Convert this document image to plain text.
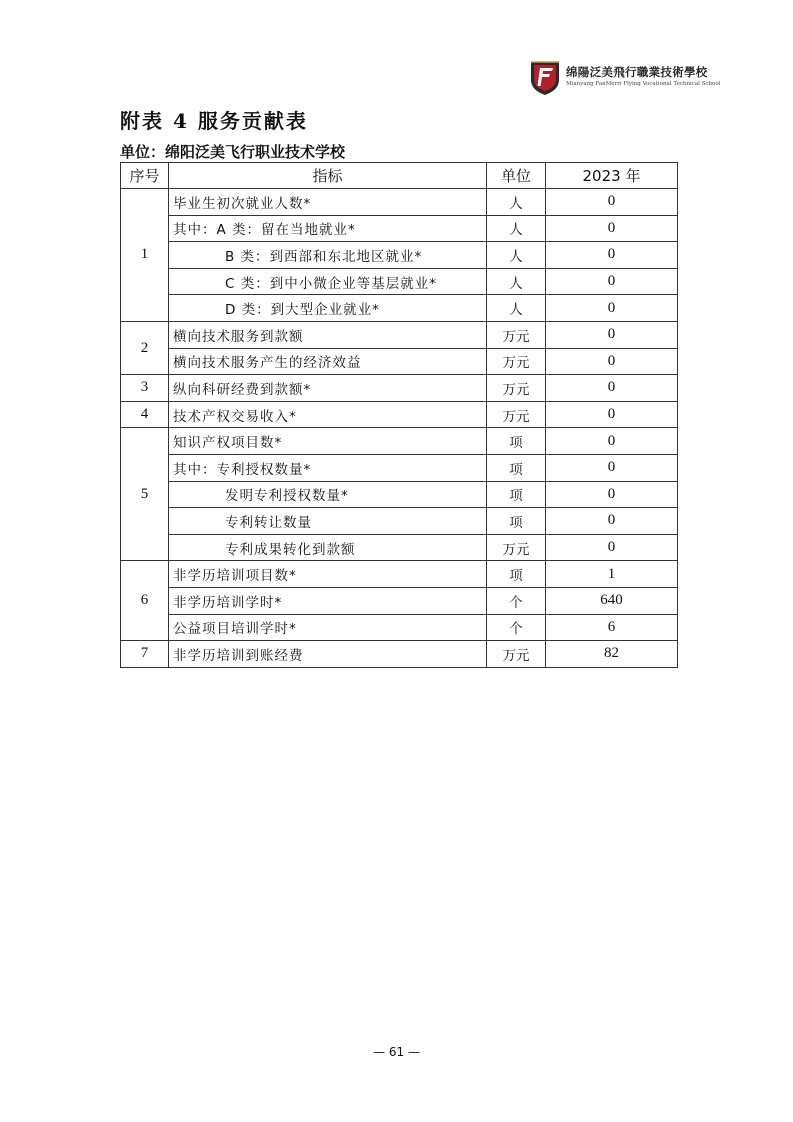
绵陽泛美飛行職業技術學校
Mianyang FanMerri Flying Vocational Technical School
附表 4 服务贡献表
单位：绵阳泛美飞行职业技术学校
序号	指标	单位	2023 年
1	毕业生初次就业人数*	人	0
	其中：A 类：留在当地就业*	人	0
	B 类：到西部和东北地区就业*	人	0
	C 类：到中小微企业等基层就业*	人	0
	D 类：到大型企业就业*	人	0
2	横向技术服务到款额	万元	0
	横向技术服务产生的经济效益	万元	0
3	纵向科研经费到款额*	万元	0
4	技术产权交易收入*	万元	0
5	知识产权项目数*	项	0
	其中：专利授权数量*	项	0
	发明专利授权数量*	项	0
	专利转让数量	项	0
	专利成果转化到款额	万元	0
6	非学历培训项目数*	项	1
	非学历培训学时*	个	640
	公益项目培训学时*	个	6
7	非学历培训到账经费	万元	82
— 61 —
